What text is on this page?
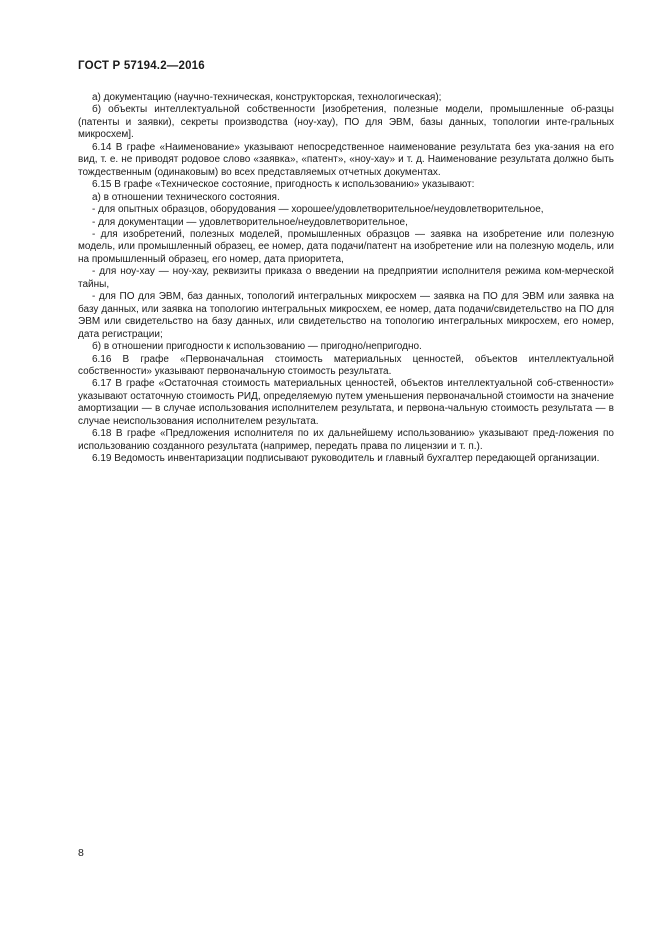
ГОСТ Р 57194.2—2016

а) документацию (научно-техническая, конструкторская, технологическая);

б) объекты интеллектуальной собственности [изобретения, полезные модели, промышленные об-разцы (патенты и заявки), секреты производства (ноу-хау), ПО для ЭВМ, базы данных, топологии инте-гральных микросхем].

6.14 В графе «Наименование» указывают непосредственное наименование результата без ука-зания на его вид, т. е. не приводят родовое слово «заявка», «патент», «ноу-хау» и т. д. Наименование результата должно быть тождественным (одинаковым) во всех представляемых отчетных документах.

6.15 В графе «Техническое состояние, пригодность к использованию» указывают:

а) в отношении технического состояния.

- для опытных образцов, оборудования — хорошее/удовлетворительное/неудовлетворительное,

- для документации — удовлетворительное/неудовлетворительное,

- для изобретений, полезных моделей, промышленных образцов — заявка на изобретение или полезную модель, или промышленный образец, ее номер, дата подачи/патент на изобретение или на полезную модель, или на промышленный образец, его номер, дата приоритета,

- для ноу-хау — ноу-хау, реквизиты приказа о введении на предприятии исполнителя режима ком-мерческой тайны,

- для ПО для ЭВМ, баз данных, топологий интегральных микросхем — заявка на ПО для ЭВМ или заявка на базу данных, или заявка на топологию интегральных микросхем, ее номер, дата подачи/свидетельство на ПО для ЭВМ или свидетельство на базу данных, или свидетельство на топологию интегральных микросхем, его номер, дата регистрации;

б) в отношении пригодности к использованию — пригодно/непригодно.

6.16 В графе «Первоначальная стоимость материальных ценностей, объектов интеллектуальной собственности» указывают первоначальную стоимость результата.

6.17 В графе «Остаточная стоимость материальных ценностей, объектов интеллектуальной соб-ственности» указывают остаточную стоимость РИД, определяемую путем уменьшения первоначальной стоимости на значение амортизации — в случае использования исполнителем результата, и первона-чальную стоимость результата — в случае неиспользования исполнителем результата.

6.18 В графе «Предложения исполнителя по их дальнейшему использованию» указывают пред-ложения по использованию созданного результата (например, передать права по лицензии и т. п.).

6.19 Ведомость инвентаризации подписывают руководитель и главный бухгалтер передающей организации.

8
